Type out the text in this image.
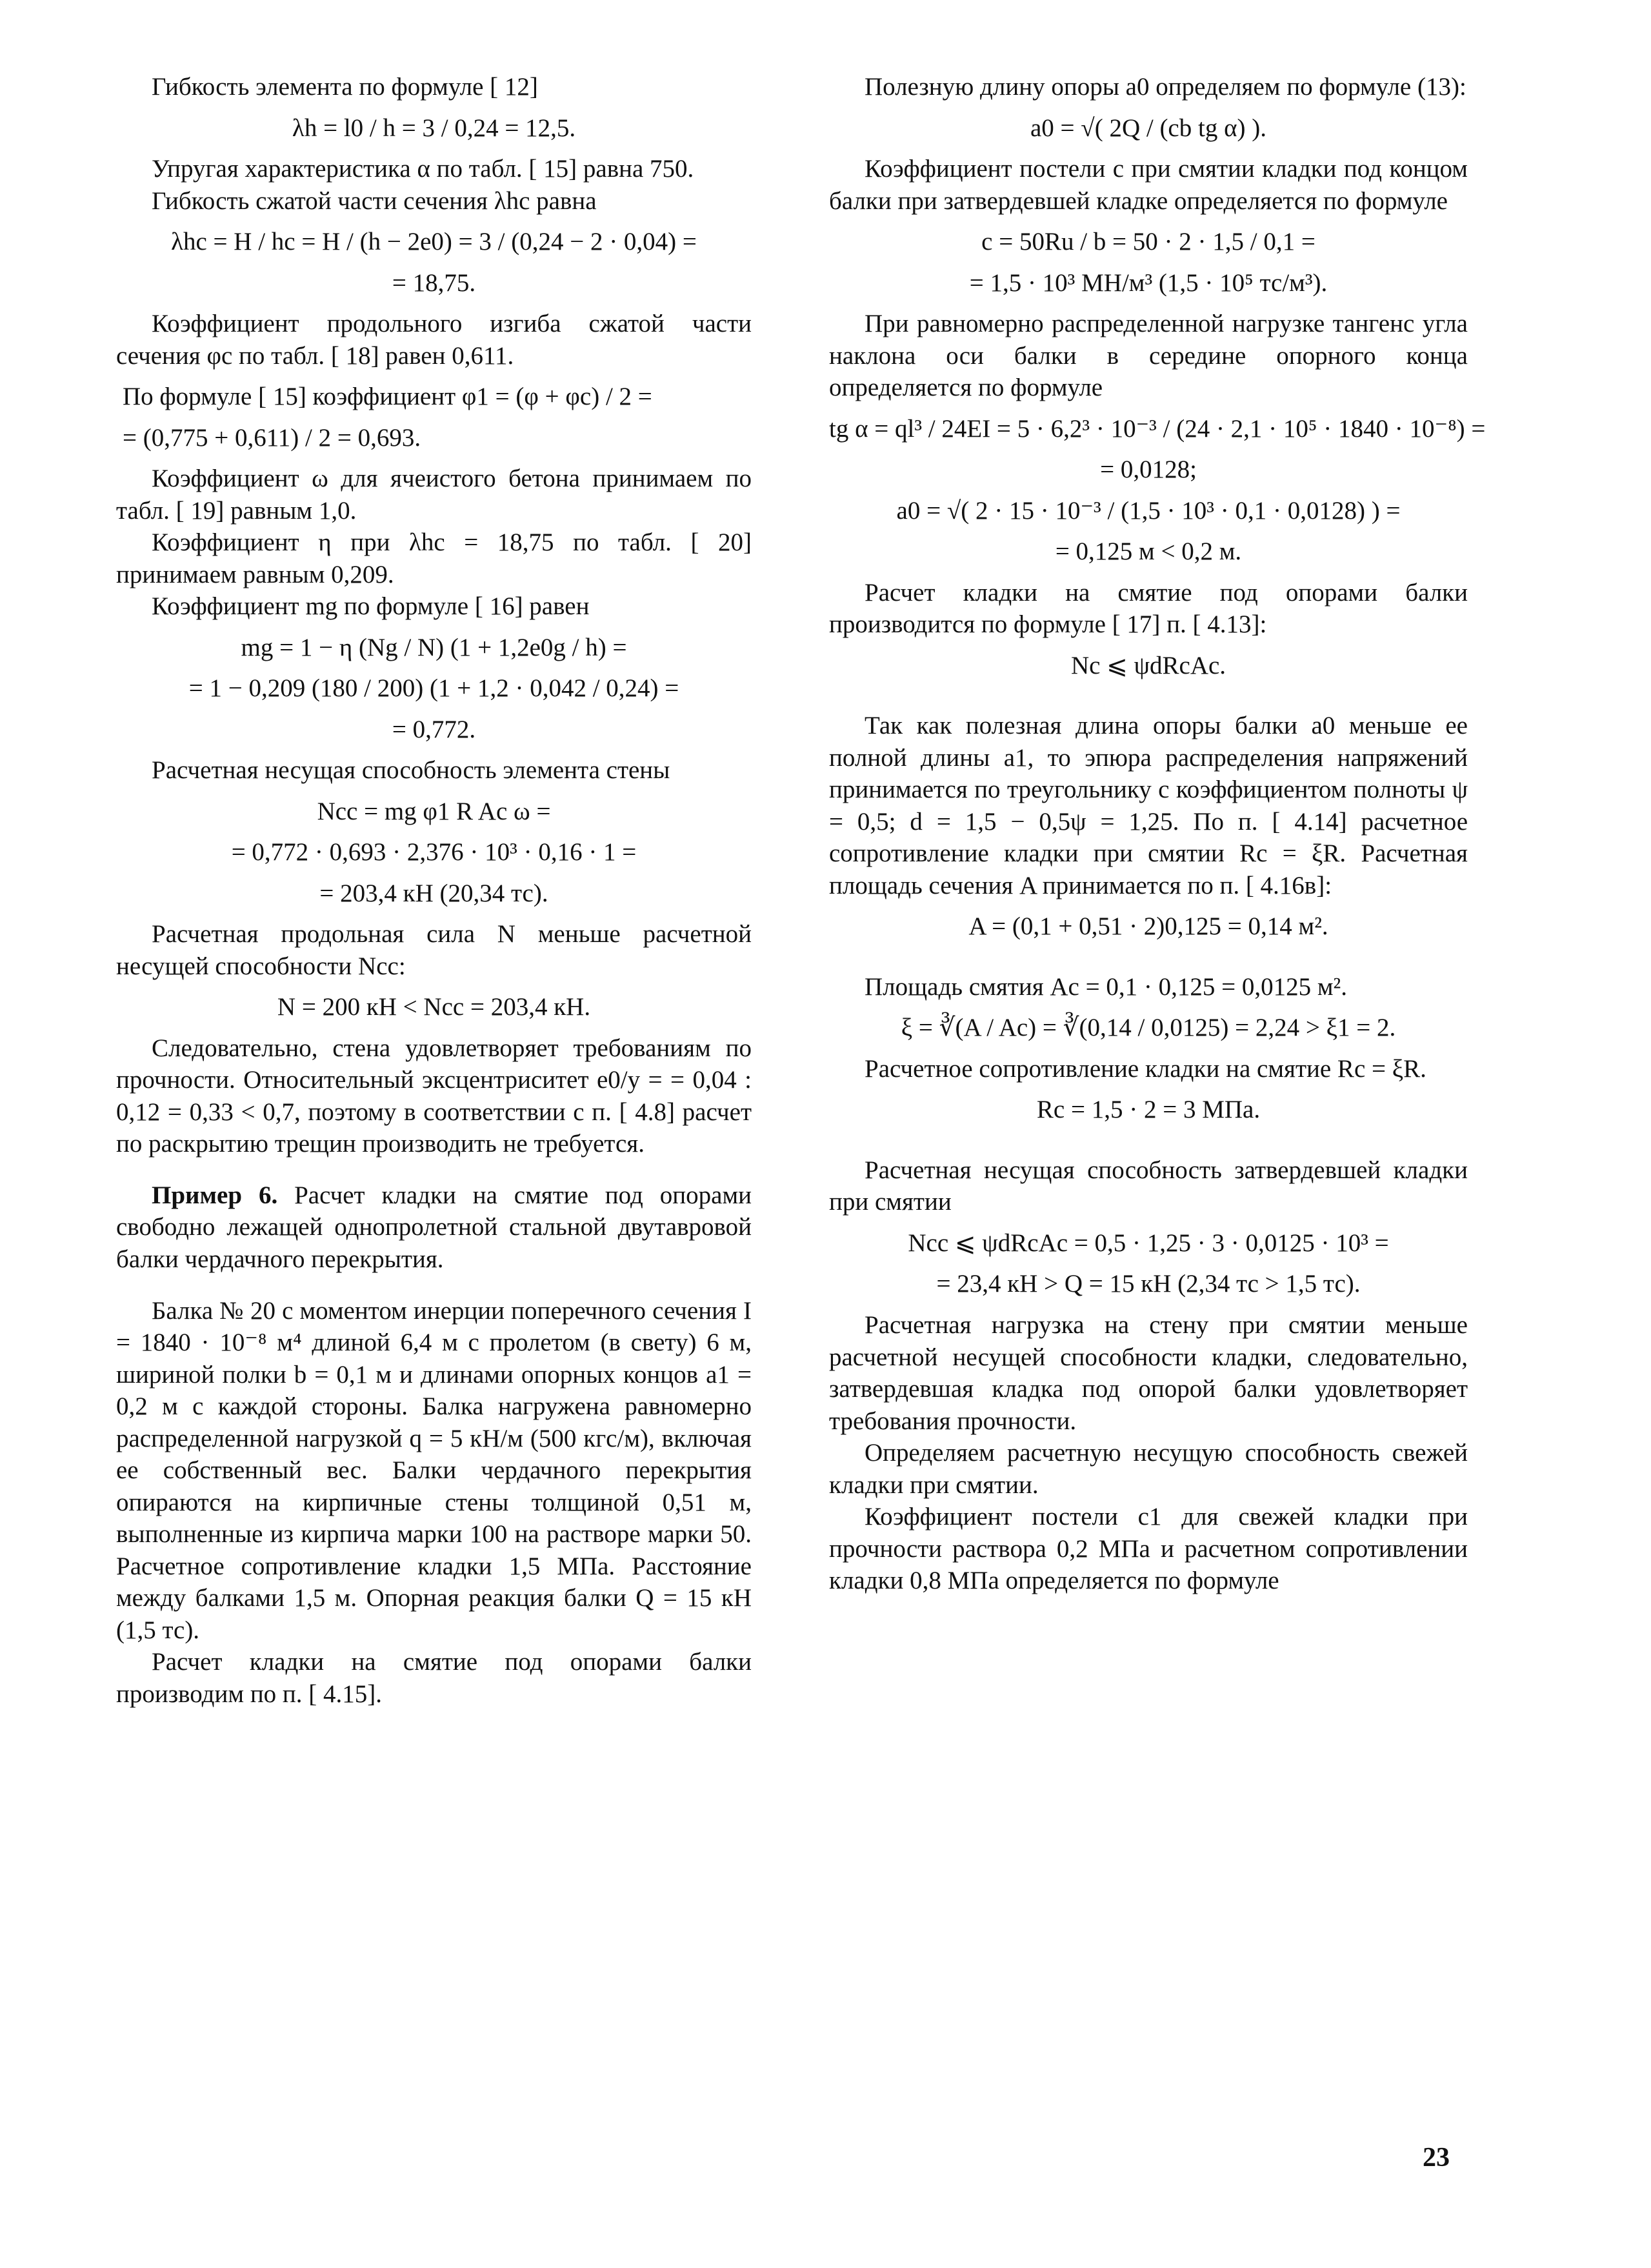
Гибкость элемента по формуле [ 12]

λh = l0 / h = 3 / 0,24 = 12,5.

Упругая характеристика α по табл. [ 15] равна 750.

Гибкость сжатой части сечения λhc равна

λhc = H / hc = H / (h − 2e0) = 3 / (0,24 − 2 · 0,04) =
= 18,75.

Коэффициент продольного изгиба сжатой части сечения φc по табл. [ 18] равен 0,611.

По формуле [ 15] коэффициент φ1 = (φ + φc) / 2 =
= (0,775 + 0,611) / 2 = 0,693.

Коэффициент ω для ячеистого бетона принимаем по табл. [ 19] равным 1,0.

Коэффициент η при λhc = 18,75 по табл. [ 20] принимаем равным 0,209.

Коэффициент mg по формуле [ 16] равен

mg = 1 − η (Ng / N) (1 + 1,2e0g / h) =
= 1 − 0,209 (180 / 200) (1 + 1,2 · 0,042 / 0,24) =
= 0,772.

Расчетная несущая способность элемента стены

Ncc = mg φ1 R Ac ω =
= 0,772 · 0,693 · 2,376 · 10³ · 0,16 · 1 =
= 203,4 кН (20,34 тс).

Расчетная продольная сила N меньше расчетной несущей способности Ncc:

N = 200 кН < Ncc = 203,4 кН.

Следовательно, стена удовлетворяет требованиям по прочности. Относительный эксцентриситет e0/y = = 0,04 : 0,12 = 0,33 < 0,7, поэтому в соответствии с п. [ 4.8] расчет по раскрытию трещин производить не требуется.

Пример 6. Расчет кладки на смятие под опорами свободно лежащей однопролетной стальной двутавровой балки чердачного перекрытия.

Балка № 20 с моментом инерции поперечного сечения I = 1840 · 10⁻⁸ м⁴ длиной 6,4 м с пролетом (в свету) 6 м, шириной полки b = 0,1 м и длинами опорных концов a1 = 0,2 м с каждой стороны. Балка нагружена равномерно распределенной нагрузкой q = 5 кН/м (500 кгс/м), включая ее собственный вес. Балки чердачного перекрытия опираются на кирпичные стены толщиной 0,51 м, выполненные из кирпича марки 100 на растворе марки 50. Расчетное сопротивление кладки 1,5 МПа. Расстояние между балками 1,5 м. Опорная реакция балки Q = 15 кН (1,5 тс).

Расчет кладки на смятие под опорами балки производим по п. [ 4.15].

Полезную длину опоры a0 определяем по формуле (13):

a0 = √( 2Q / (cb tg α) ).

Коэффициент постели c при смятии кладки под концом балки при затвердевшей кладке определяется по формуле

c = 50Ru / b = 50 · 2 · 1,5 / 0,1 =
= 1,5 · 10³ МН/м³ (1,5 · 10⁵ тс/м³).

При равномерно распределенной нагрузке тангенс угла наклона оси балки в середине опорного конца определяется по формуле

tg α = ql³ / 24EI = 5 · 6,2³ · 10⁻³ / (24 · 2,1 · 10⁵ · 1840 · 10⁻⁸) =
= 0,0128;
a0 = √( 2 · 15 · 10⁻³ / (1,5 · 10³ · 0,1 · 0,0128) ) =
= 0,125 м < 0,2 м.

Расчет кладки на смятие под опорами балки производится по формуле [ 17] п. [ 4.13]:

Nc ⩽ ψdRcAc.

Так как полезная длина опоры балки a0 меньше ее полной длины a1, то эпюра распределения напряжений принимается по треугольнику с коэффициентом полноты ψ = 0,5; d = 1,5 − 0,5ψ = 1,25. По п. [ 4.14] расчетное сопротивление кладки при смятии Rc = ξR. Расчетная площадь сечения A принимается по п. [ 4.16в]:

A = (0,1 + 0,51 · 2)0,125 = 0,14 м².

Площадь смятия Ac = 0,1 · 0,125 = 0,0125 м².

ξ = ∛(A / Ac) = ∛(0,14 / 0,0125) = 2,24 > ξ1 = 2.

Расчетное сопротивление кладки на смятие Rc = ξR.

Rc = 1,5 · 2 = 3 МПа.

Расчетная несущая способность затвердевшей кладки при смятии

Ncc ⩽ ψdRcAc = 0,5 · 1,25 · 3 · 0,0125 · 10³ =
= 23,4 кН > Q = 15 кН (2,34 тс > 1,5 тс).

Расчетная нагрузка на стену при смятии меньше расчетной несущей способности кладки, следовательно, затвердевшая кладка под опорой балки удовлетворяет требования прочности.

Определяем расчетную несущую способность свежей кладки при смятии.

Коэффициент постели c1 для свежей кладки при прочности раствора 0,2 МПа и расчетном сопротивлении кладки 0,8 МПа определяется по формуле

23
